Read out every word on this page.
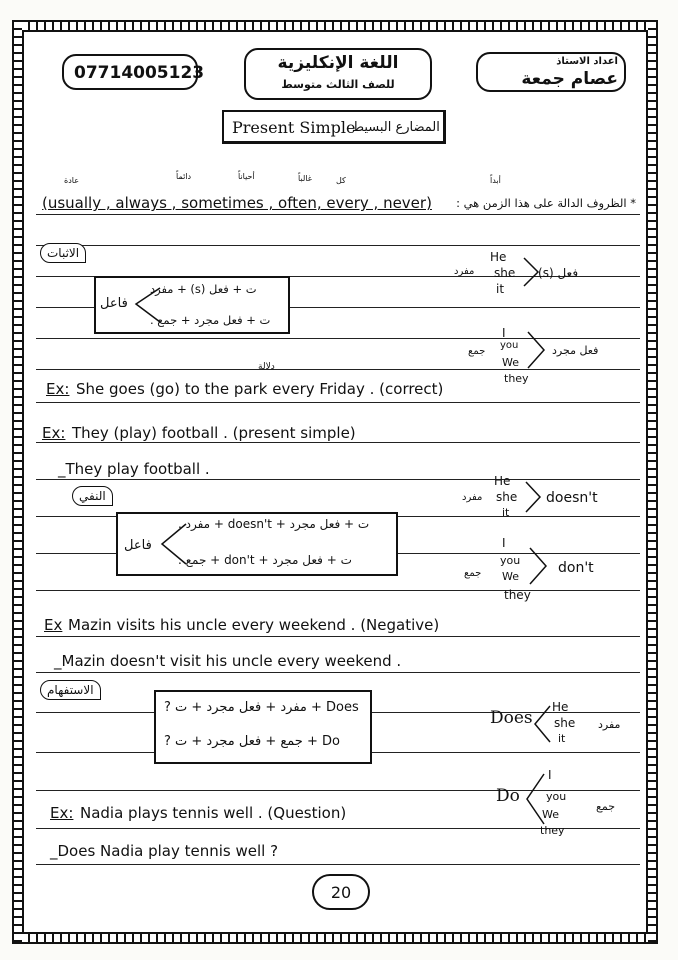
07714005123	اللغة الإنكليزية
للصف الثالث متوسط
اعداد الاستاذ
عصام جمعة
Present Simple
المضارع البسيط
أبداً
كل
غالباً
أحياناً
دائماً
عادة
(usually , always , sometimes , often, every , never)	* الظروف الدالة على هذا الزمن هي :
الاثبات
فاعل
ت + فعل (s) + مفرد
ت + فعل مجرد + جمع .
He
she
it
مفرد	فعل (s)
I
you
We
they
جمع	فعل مجرد
دلالة
Ex: She goes (go) to the park every Friday . (correct)
Ex: They (play) football . (present simple)
_They play football .
النفي
فاعل
ت + فعل مجرد + doesn't + مفرد .
ت + فعل مجرد + don't + جمع .
He
she
it
مفرد	doesn't
I
you
We
they
جمع	don't
Ex Mazin visits his uncle every weekend . (Negative)
_Mazin doesn't visit his uncle every weekend .
الاستفهام
Does + مفرد + فعل مجرد + ت ?
Do + جمع + فعل مجرد + ت ?
Does
He
she
it
مفرد
Do
I
you
We
they
جمع
Ex: Nadia plays tennis well . (Question)
_Does Nadia play tennis well ?
20
